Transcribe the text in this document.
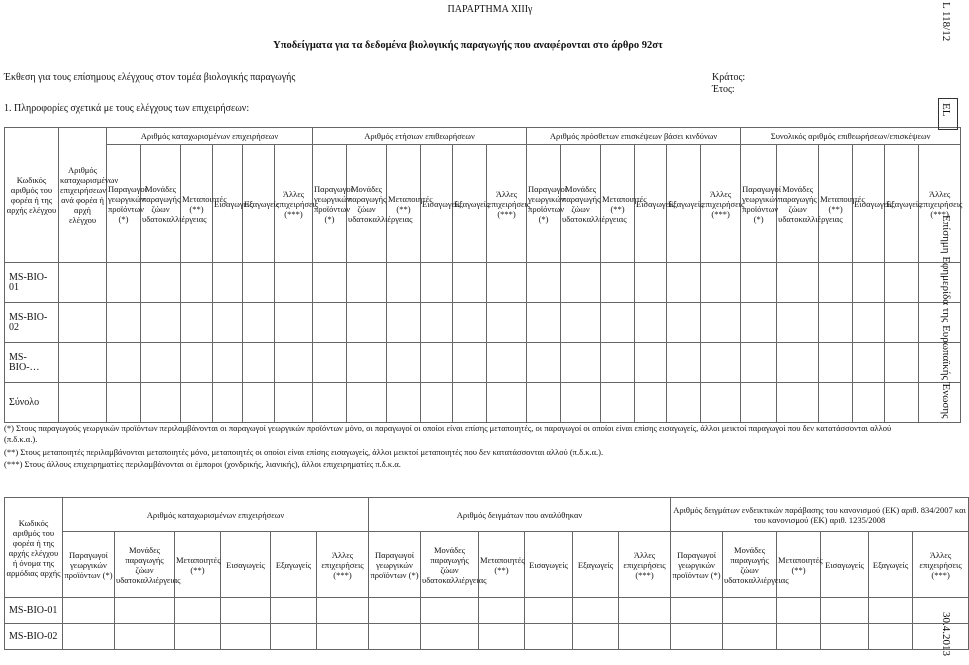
ΠΑΡΑΡΤΗΜΑ XIIIγ
Υποδείγματα για τα δεδομένα βιολογικής παραγωγής που αναφέρονται στο άρθρο 92στ
Έκθεση για τους επίσημους ελέγχους στον τομέα βιολογικής παραγωγής	Κράτος:
Έτος:
1. Πληροφορίες σχετικά με τους ελέγχους των επιχειρήσεων:
Κωδικός αριθμός του φορέα ή της αρχής ελέγχου	Αριθμός καταχωρισμένων επιχειρήσεων ανά φορέα ή αρχή ελέγχου	Αριθμός καταχωρισμένων επιχειρήσεων						Αριθμός ετήσιων επιθεωρήσεων						Αριθμός πρόσθετων επισκέψεων βάσει κινδύνων						Συνολικός αριθμός επιθεωρήσεων/επισκέψεων					
		Παραγωγοί γεωργικών προϊόντων (*)	Μονάδες παραγωγής ζώων υδατοκαλλιέργειας	Μεταποιητές (**)	Εισαγωγείς	Εξαγωγείς	Άλλες επιχειρήσεις (***)	Παραγωγοί γεωργικών προϊόντων (*)	Μονάδες παραγωγής ζώων υδατοκαλλιέργειας	Μεταποιητές (**)	Εισαγωγείς	Εξαγωγείς	Άλλες επιχειρήσεις (***)	Παραγωγοί γεωργικών προϊόντων (*)	Μονάδες παραγωγής ζώων υδατοκαλλιέργειας	Μεταποιητές (**)	Εισαγωγείς	Εξαγωγείς	Άλλες επιχειρήσεις (***)	Παραγωγοί γεωργικών προϊόντων (*)	Μονάδες παραγωγής ζώων υδατοκαλλιέργειας	Μεταποιητές (**)	Εισαγωγείς	Εξαγωγείς	Άλλες επιχειρήσεις (***)
MS-BIO-01																									
MS-BIO-02																									
MS-BIO-…																									
Σύνολο																									
(*) Στους παραγωγούς γεωργικών προϊόντων περιλαμβάνονται οι παραγωγοί γεωργικών προϊόντων μόνο, οι παραγωγοί οι οποίοι είναι επίσης μεταποιητές, οι παραγωγοί οι οποίοι είναι επίσης εισαγωγείς, άλλοι μεικτοί παραγωγοί που δεν κατατάσσονται αλλού (π.δ.κ.α.).
(**) Στους μεταποιητές περιλαμβάνονται μεταποιητές μόνο, μεταποιητές οι οποίοι είναι επίσης εισαγωγείς, άλλοι μεικτοί μεταποιητές που δεν κατατάσσονται αλλού (π.δ.κ.α.).
(***) Στους άλλους επιχειρηματίες περιλαμβάνονται οι έμποροι (χονδρικής, λιανικής), άλλοι επιχειρηματίες π.δ.κ.α.
Κωδικός αριθμός του φορέα ή της αρχής ελέγχου ή όνομα της αρμόδιας αρχής	Αριθμός καταχωρισμένων επιχειρήσεων						Αριθμός δειγμάτων που αναλύθηκαν						Αριθμός δειγμάτων ενδεικτικών παράβασης του κανονισμού (ΕΚ) αριθ. 834/2007 και του κανονισμού (ΕΚ) αριθ. 1235/2008					
	Παραγωγοί γεωργικών προϊόντων (*)	Μονάδες παραγωγής ζώων υδατοκαλλιέργειας	Μεταποιητές (**)	Εισαγωγείς	Εξαγωγείς	Άλλες επιχειρήσεις (***)	Παραγωγοί γεωργικών προϊόντων (*)	Μονάδες παραγωγής ζώων υδατοκαλλιέργειας	Μεταποιητές (**)	Εισαγωγείς	Εξαγωγείς	Άλλες επιχειρήσεις (***)	Παραγωγοί γεωργικών προϊόντων (*)	Μονάδες παραγωγής ζώων υδατοκαλλιέργειας	Μεταποιητές (**)	Εισαγωγείς	Εξαγωγείς	Άλλες επιχειρήσεις (***)
MS-BIO-01																		
MS-BIO-02																		
L 118/12
EL
Επίσημη Εφημερίδα της Ευρωπαϊκής Ένωσης
30.4.2013
